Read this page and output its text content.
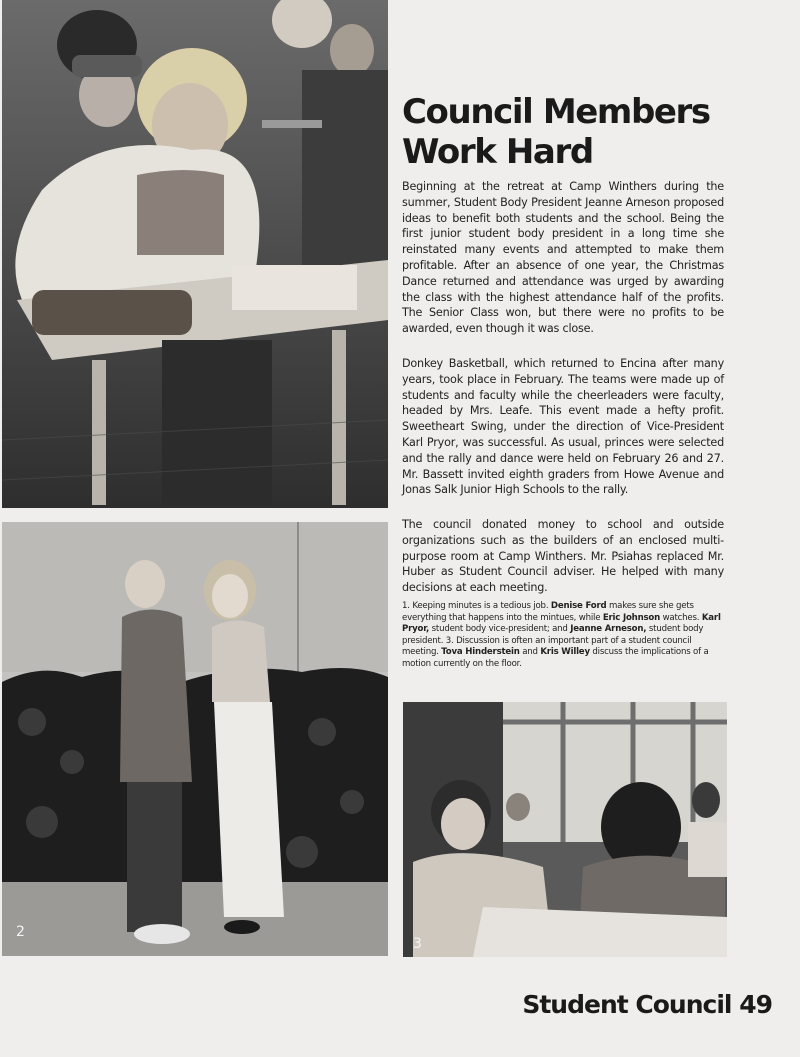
2
3
Council Members Work Hard

Beginning at the retreat at Camp Winthers during the summer, Student Body President Jeanne Arneson proposed ideas to benefit both students and the school. Being the first junior student body president in a long time she reinstated many events and attempted to make them profitable. After an absence of one year, the Christmas Dance returned and attendance was urged by awarding the class with the highest attendance half of the profits. The Senior Class won, but there were no profits to be awarded, even though it was close.

Donkey Basketball, which returned to Encina after many years, took place in February. The teams were made up of students and faculty while the cheerleaders were faculty, headed by Mrs. Leafe. This event made a hefty profit. Sweetheart Swing, under the direction of Vice-President Karl Pryor, was successful. As usual, princes were selected and the rally and dance were held on February 26 and 27. Mr. Bassett invited eighth graders from Howe Avenue and Jonas Salk Junior High Schools to the rally.

The council donated money to school and outside organizations such as the builders of an enclosed multi-purpose room at Camp Winthers. Mr. Psiahas replaced Mr. Huber as Student Council adviser. He helped with many decisions at each meeting.

1. Keeping minutes is a tedious job. Denise Ford makes sure she gets everything that happens into the mintues, while Eric Johnson watches. Karl Pryor, student body vice-president; and Jeanne Arneson, student body president. 3. Discussion is often an important part of a student council meeting. Tova Hinderstein and Kris Willey discuss the implications of a motion currently on the floor.

Student Council 49
